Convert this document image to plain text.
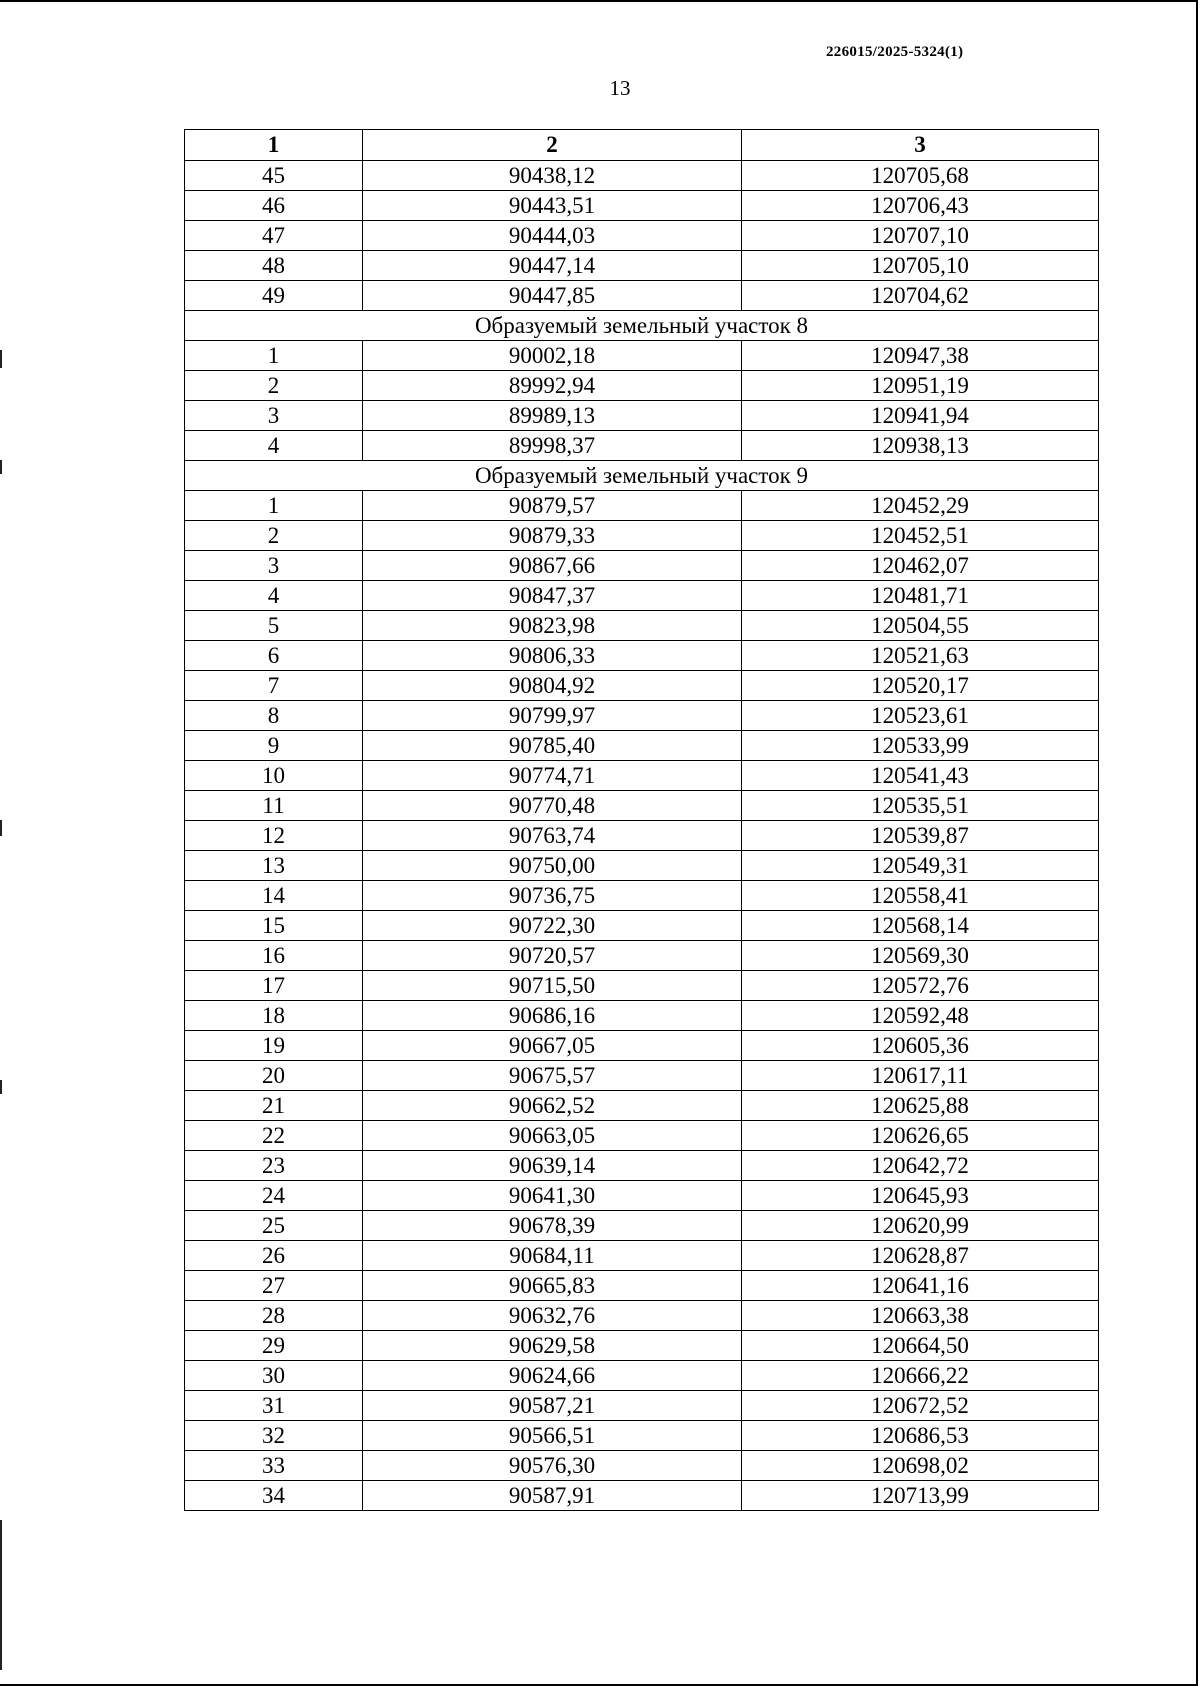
226015/2025-5324(1)
13
1	2	3
45	90438,12	120705,68
46	90443,51	120706,43
47	90444,03	120707,10
48	90447,14	120705,10
49	90447,85	120704,62
Образуемый земельный участок 8		
1	90002,18	120947,38
2	89992,94	120951,19
3	89989,13	120941,94
4	89998,37	120938,13
Образуемый земельный участок 9		
1	90879,57	120452,29
2	90879,33	120452,51
3	90867,66	120462,07
4	90847,37	120481,71
5	90823,98	120504,55
6	90806,33	120521,63
7	90804,92	120520,17
8	90799,97	120523,61
9	90785,40	120533,99
10	90774,71	120541,43
11	90770,48	120535,51
12	90763,74	120539,87
13	90750,00	120549,31
14	90736,75	120558,41
15	90722,30	120568,14
16	90720,57	120569,30
17	90715,50	120572,76
18	90686,16	120592,48
19	90667,05	120605,36
20	90675,57	120617,11
21	90662,52	120625,88
22	90663,05	120626,65
23	90639,14	120642,72
24	90641,30	120645,93
25	90678,39	120620,99
26	90684,11	120628,87
27	90665,83	120641,16
28	90632,76	120663,38
29	90629,58	120664,50
30	90624,66	120666,22
31	90587,21	120672,52
32	90566,51	120686,53
33	90576,30	120698,02
34	90587,91	120713,99
